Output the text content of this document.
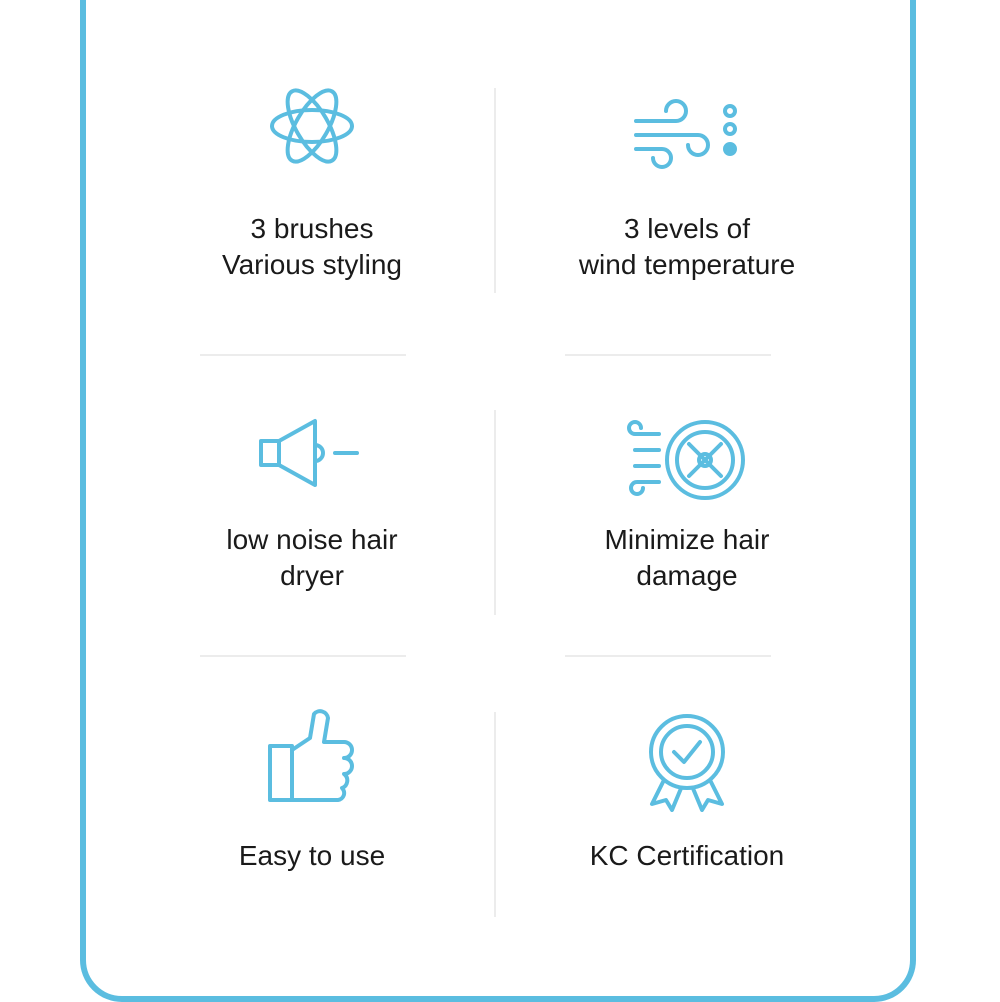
3 brushes
Various styling
3 levels of
wind temperature
low noise hair
dryer
Minimize hair
damage
Easy to use	KC Certification
